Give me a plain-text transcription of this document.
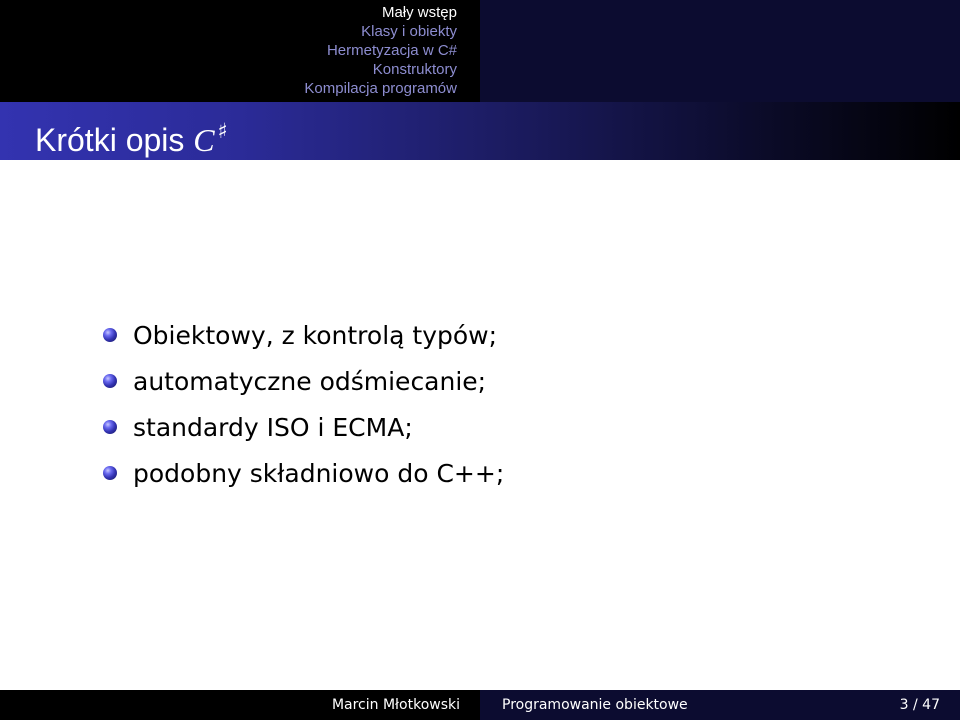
Mały wstęp
Klasy i obiekty
Hermetyzacja w C#
Konstruktory
Kompilacja programów
Krótki opis C ♯
Obiektowy, z kontrolą typów;
automatyczne odśmiecanie;
standardy ISO i ECMA;
podobny składniowo do C++;
Marcin Młotkowski	Programowanie obiektowe	3 / 47
